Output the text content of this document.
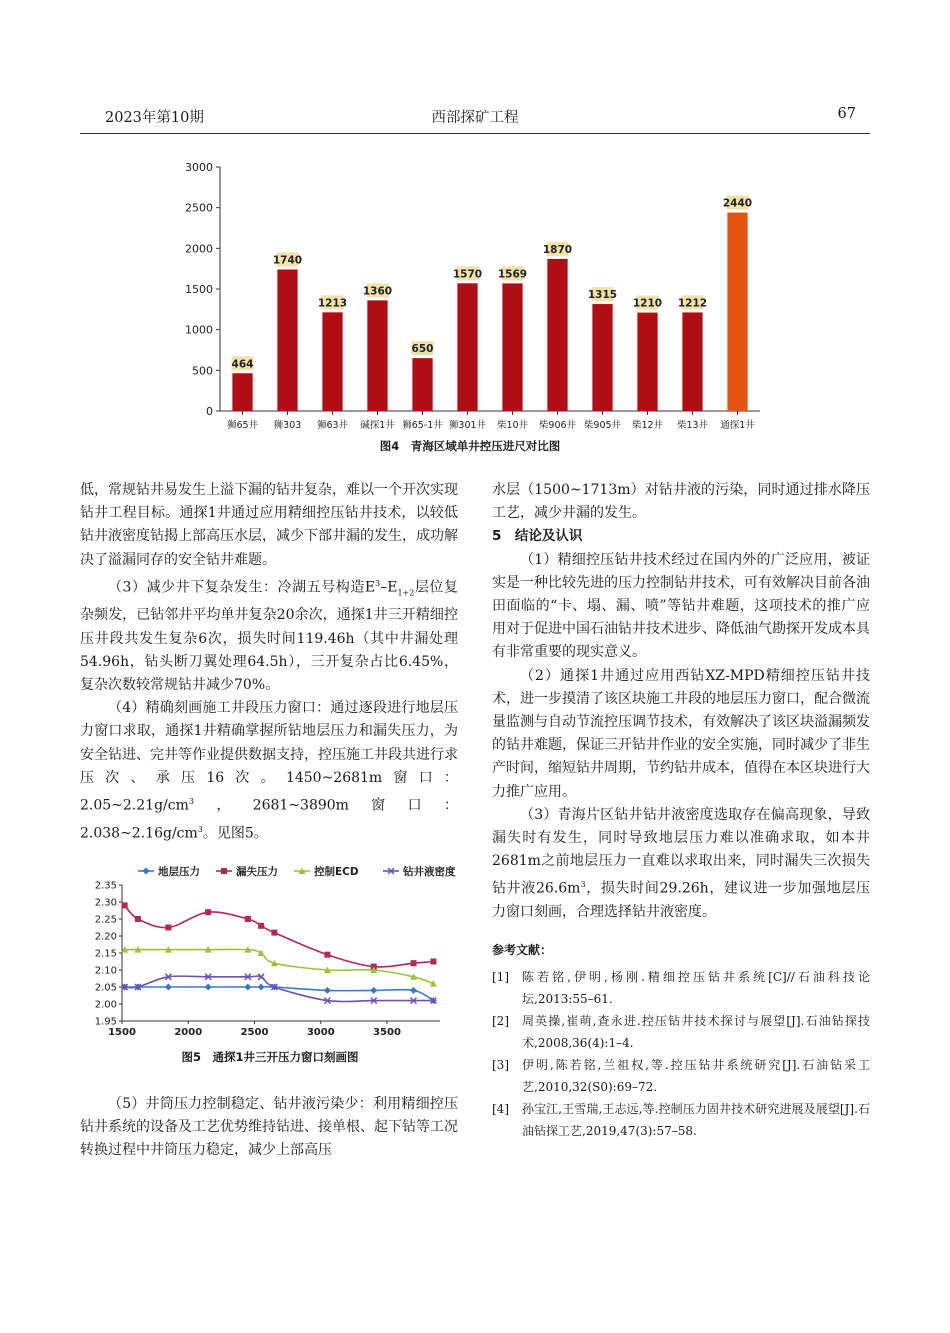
2023年第10期	西部探矿工程	67
464
1740
1213
1360
650
1570 1569
1870
1315
1210 1212
2440
狮65井 狮303 狮63井 碱探1井 狮65-1井 狮301井 柴10井 柴906井 柴905井 柴12井 柴13井 通探1井
0
500
1000
1500
2000
2500
3000
图4　青海区域单井控压进尺对比图

低，常规钻井易发生上溢下漏的钻井复杂，难以一个开次实现钻井工程目标。通探1井通过应用精细控压钻井技术，以较低钻井液密度钻揭上部高压水层，减少下部井漏的发生，成功解决了溢漏同存的安全钻井难题。

（3）减少井下复杂发生：冷湖五号构造$E^3-E_{1+2}$层位复杂频发，已钻邻井平均单井复杂20余次，通探1井三开精细控压井段共发生复杂6次，损失时间119.46h（其中井漏处理54.96h，钻头断刀翼处理64.5h），三开复杂占比6.45%，复杂次数较常规钻井减少70%。

（4）精确刻画施工井段压力窗口：通过逐段进行地层压力窗口求取，通探1井精确掌握所钻地层压力和漏失压力，为安全钻进、完井等作业提供数据支持，控压施工井段共进行求压次、承压16次。1450~2681m窗口：$2.05\sim 2.21g/cm^3$，2681~3890m窗口：$2.038\sim 2.16g/cm^3$。见图5。

地层压力	漏失压力	控制ECD	钻井液密度
1500	2000	2500	3000	3500
1.95
2.00
2.05
2.10
2.15
2.20
2.25
2.30
2.35
图5　通探1井三开压力窗口刻画图

（5）井筒压力控制稳定、钻井液污染少：利用精细控压钻井系统的设备及工艺优势维持钻进、接单根、起下钻等工况转换过程中井筒压力稳定，减少上部高压

水层（1500~1713m）对钻井液的污染，同时通过排水降压工艺，减少井漏的发生。

5　结论及认识

（1）精细控压钻井技术经过在国内外的广泛应用，被证实是一种比较先进的压力控制钻井技术，可有效解决目前各油田面临的“卡、塌、漏、喷”等钻井难题，这项技术的推广应用对于促进中国石油钻井技术进步、降低油气勘探开发成本具有非常重要的现实意义。

（2）通探1井通过应用西钻XZ-MPD精细控压钻井技术，进一步摸清了该区块施工井段的地层压力窗口，配合微流量监测与自动节流控压调节技术，有效解决了该区块溢漏频发的钻井难题，保证三开钻井作业的安全实施，同时减少了非生产时间，缩短钻井周期，节约钻井成本，值得在本区块进行大力推广应用。

（3）青海片区钻井钻井液密度选取存在偏高现象，导致漏失时有发生，同时导致地层压力难以准确求取，如本井2681m之前地层压力一直难以求取出来，同时漏失三次损失钻井液$26.6m^3$，损失时间29.26h，建议进一步加强地层压力窗口刻画，合理选择钻井液密度。

参考文献：
[1] 陈若铭,伊明,杨刚.精细控压钻井系统[C]//石油科技论坛,2013:55–61.
[2] 周英操,崔萌,查永进.控压钻井技术探讨与展望[J].石油钻探技术,2008,36(4):1–4.
[3] 伊明,陈若铭,兰祖权,等.控压钻井系统研究[J].石油钻采工艺,2010,32(S0):69–72.
[4] 孙宝江,王雪瑞,王志远,等.控制压力固井技术研究进展及展望[J].石油钻探工艺,2019,47(3):57–58.
